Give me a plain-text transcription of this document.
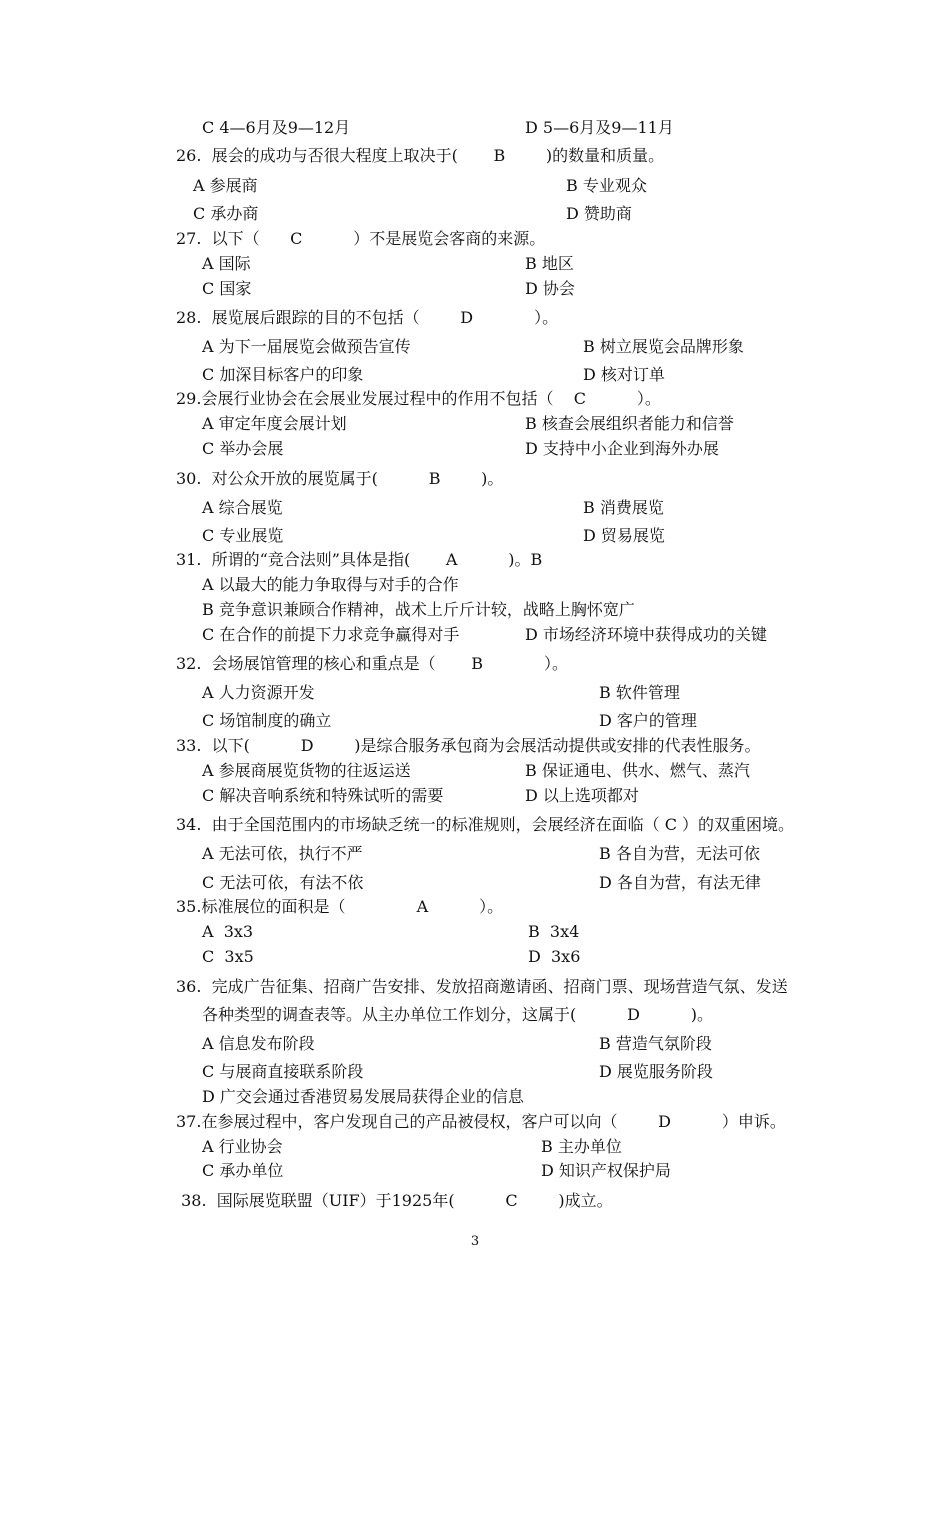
C 4—6月及9—12月

	D 5—6月及9—11月

26.  展会的成功与否很大程度上取决于(       B        )的数量和质量。

A 参展商

	B 专业观众

C 承办商

	D 赞助商

27.  以下（      C          ）不是展览会客商的来源。

A 国际

	B 地区

C 国家

	D 协会

28.  展览展后跟踪的目的不包括（        D            ）。

A 为下一届展览会做预告宣传

	B 树立展览会品牌形象

C 加深目标客户的印象

	D 核对订单

29.会展行业协会在会展业发展过程中的作用不包括（    C          ）。

A 审定年度会展计划

	B 核查会展组织者能力和信誉

C 举办会展

	D 支持中小企业到海外办展

30.  对公众开放的展览属于(          B        )。

A 综合展览

	B 消费展览

C 专业展览

	D 贸易展览

31.  所谓的“竞合法则”具体是指(       A          )。B

A 以最大的能力争取得与对手的合作

B 竞争意识兼顾合作精神，战术上斤斤计较，战略上胸怀宽广

C 在合作的前提下力求竞争赢得对手

	D 市场经济环境中获得成功的关键

32.  会场展馆管理的核心和重点是（       B            ）。

A 人力资源开发

	B 软件管理

C 场馆制度的确立

	D 客户的管理

33.  以下(          D        )是综合服务承包商为会展活动提供或安排的代表性服务。

A 参展商展览货物的往返运送

	B 保证通电、供水、燃气、蒸汽

C 解决音响系统和特殊试听的需要

	D 以上选项都对

34.  由于全国范围内的市场缺乏统一的标准规则，会展经济在面临（ C ）的双重困境。

A 无法可依，执行不严

	B 各自为营，无法可依

C 无法可依，有法不依

	D 各自为营，有法无律

35.标准展位的面积是（              A          ）。

A  3x3

	B  3x4

C  3x5

	D  3x6

36.  完成广告征集、招商广告安排、发放招商邀请函、招商门票、现场营造气氛、发送

各种类型的调查表等。从主办单位工作划分，这属于(          D          )。

A 信息发布阶段

	B 营造气氛阶段

C 与展商直接联系阶段

	D 展览服务阶段

D 广交会通过香港贸易发展局获得企业的信息

37.在参展过程中，客户发现自己的产品被侵权，客户可以向（        D          ）申诉。

A 行业协会

	B 主办单位

C 承办单位

	D 知识产权保护局

38.  国际展览联盟（UIF）于1925年(          C        )成立。

3
